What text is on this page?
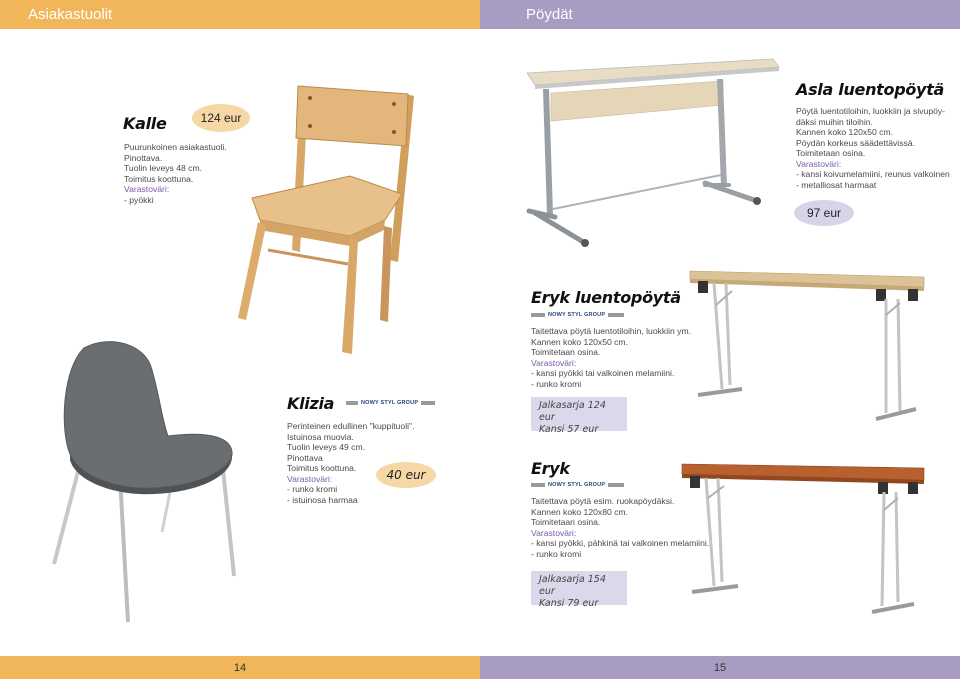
Asiakastuolit	Pöydät
Kalle	124 eur
Puurunkoinen asiakastuoli.
Pinottava.
Tuolin leveys 48 cm.
Toimitus koottuna.
Varastoväri:
- pyökki
Klizia	NOWY STYL GROUP
Perinteinen edullinen "kuppituoli".
Istuinosa muovia.
Tuolin leveys 49 cm.
Pinottava
Toimitus koottuna.
Varastoväri:
- runko kromi
- istuinosa harmaa
40 eur
Asla luentopöytä
Pöytä luentotiloihin, luokkiin ja sivupöy-
däksi muihin tiloihin.
Kannen koko 120x50 cm.
Pöydän korkeus säädettävissä.
Toimitetaan osina.
Varastoväri:
- kansi koivumelamiini, reunus valkoinen
- metalliosat harmaat
97 eur
Eryk luentopöytä
NOWY STYL GROUP
Taitettava pöytä luentotiloihin, luokkiin ym.
Kannen koko 120x50 cm.
Toimitetaan osina.
Varastoväri:
- kansi pyökki tai valkoinen melamiini.
- runko kromi
Jalkasarja 124 eur
Kansi 57 eur
Eryk
NOWY STYL GROUP
Taitettava pöytä esim. ruokapöydäksi.
Kannen koko 120x80 cm.
Toimitetaan osina.
Varastoväri:
- kansi pyökki, pähkinä tai valkoinen melamiini.
- runko kromi
Jalkasarja 154 eur
Kansi 79 eur
14	15
